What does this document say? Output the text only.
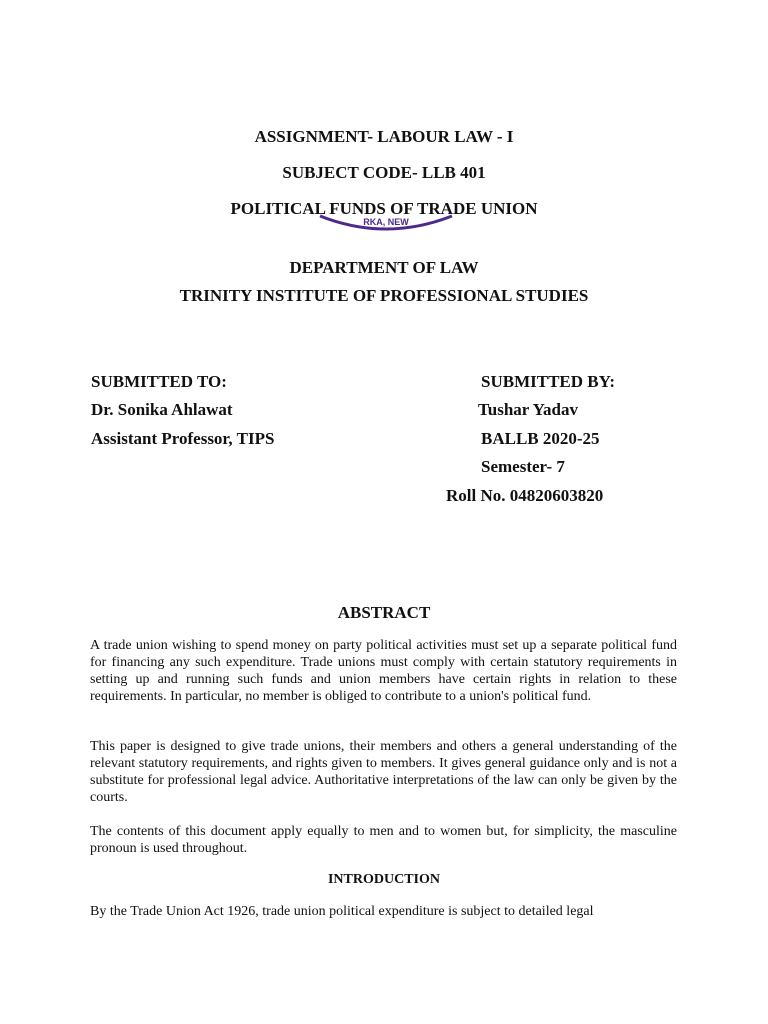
ASSIGNMENT- LABOUR LAW - I
SUBJECT CODE- LLB 401
RKA, NEW
POLITICAL FUNDS OF TRADE UNION
DEPARTMENT OF LAW
TRINITY INSTITUTE OF PROFESSIONAL STUDIES
SUBMITTED TO:
Dr. Sonika Ahlawat
Assistant Professor, TIPS
SUBMITTED BY:
Tushar Yadav
BALLB 2020-25
Semester- 7
Roll No. 04820603820
ABSTRACT

A trade union wishing to spend money on party political activities must set up a separate political fund for financing any such expenditure. Trade unions must comply with certain statutory requirements in setting up and running such funds and union members have certain rights in relation to these requirements. In particular, no member is obliged to contribute to a union's political fund.

This paper is designed to give trade unions, their members and others a general understanding of the relevant statutory requirements, and rights given to members. It gives general guidance only and is not a substitute for professional legal advice. Authoritative interpretations of the law can only be given by the courts.

The contents of this document apply equally to men and to women but, for simplicity, the masculine pronoun is used throughout.

INTRODUCTION

By the Trade Union Act 1926, trade union political expenditure is subject to detailed legal
